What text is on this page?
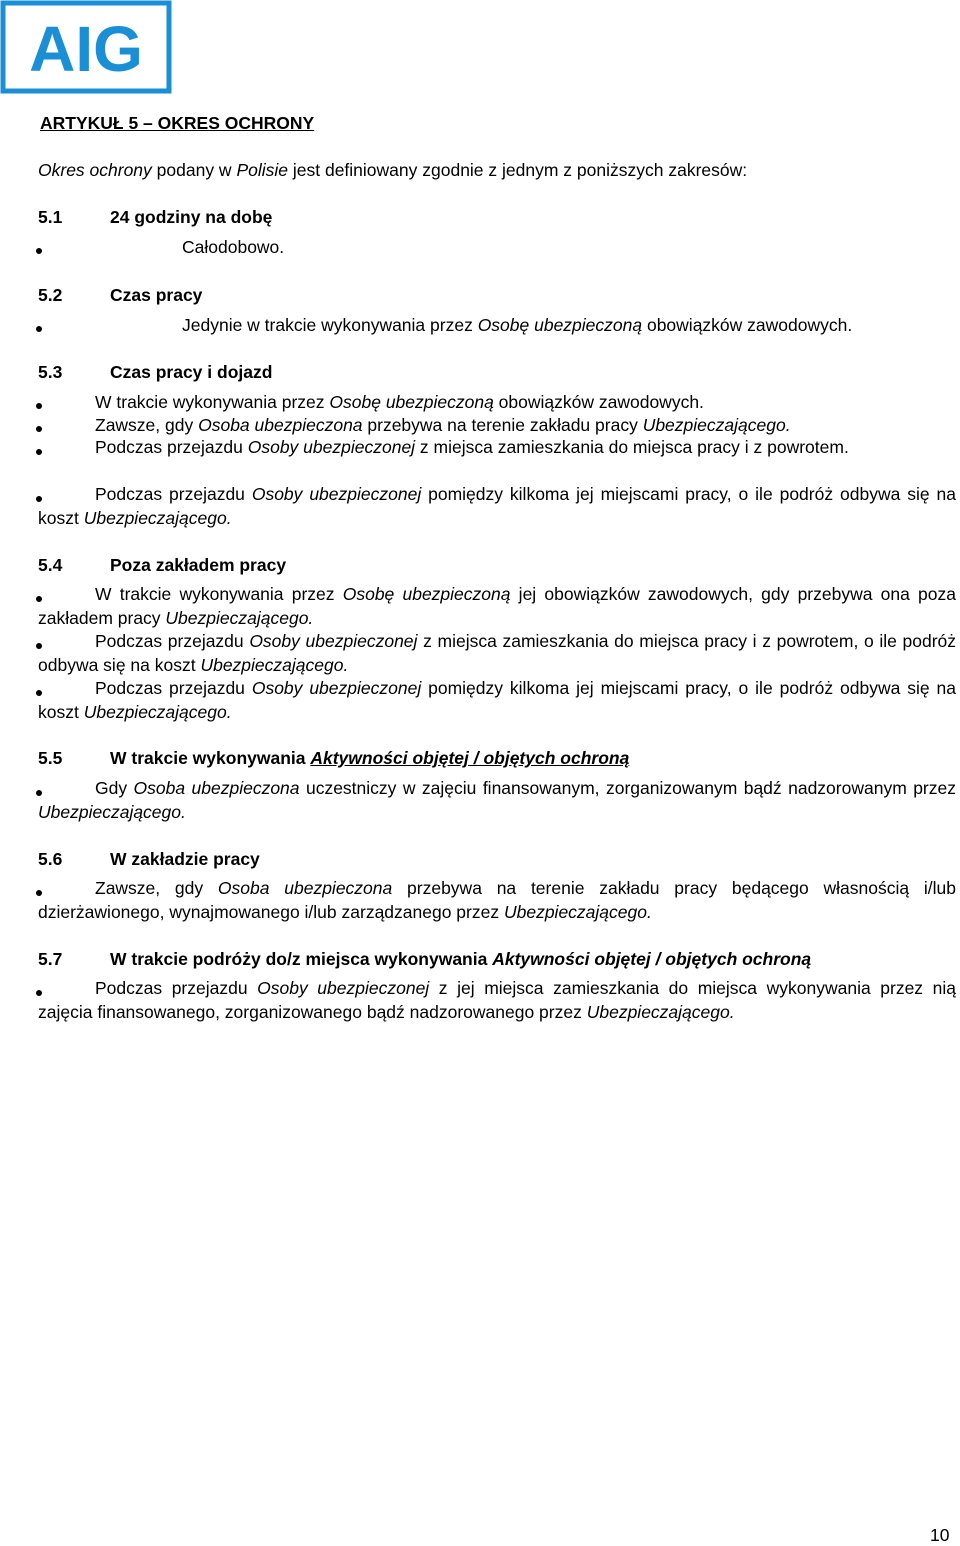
AIG
ARTYKUŁ 5 – OKRES OCHRONY
Okres ochrony podany w Polisie jest definiowany zgodnie z jednym z poniższych zakresów:
5.1	24 godziny na dobę
Całodobowo.
5.2	Czas pracy
Jedynie w trakcie wykonywania przez Osobę ubezpieczoną obowiązków zawodowych.
5.3	Czas pracy i dojazd
W trakcie wykonywania przez Osobę ubezpieczoną obowiązków zawodowych.
Zawsze, gdy Osoba ubezpieczona przebywa na terenie zakładu pracy Ubezpieczającego.
Podczas przejazdu Osoby ubezpieczonej z miejsca zamieszkania do miejsca pracy i z powrotem.
Podczas przejazdu Osoby ubezpieczonej pomiędzy kilkoma jej miejscami pracy, o ile podróż odbywa się na koszt Ubezpieczającego.
5.4	Poza zakładem pracy
W trakcie wykonywania przez Osobę ubezpieczoną jej obowiązków zawodowych, gdy przebywa ona poza zakładem pracy Ubezpieczającego.
Podczas przejazdu Osoby ubezpieczonej z miejsca zamieszkania do miejsca pracy i z powrotem, o ile podróż odbywa się na koszt Ubezpieczającego.
Podczas przejazdu Osoby ubezpieczonej pomiędzy kilkoma jej miejscami pracy, o ile podróż odbywa się na koszt Ubezpieczającego.
5.5	W trakcie wykonywania Aktywności objętej / objętych ochroną
Gdy Osoba ubezpieczona uczestniczy w zajęciu finansowanym, zorganizowanym bądź nadzorowanym przez Ubezpieczającego.
5.6	W zakładzie pracy
Zawsze, gdy Osoba ubezpieczona przebywa na terenie zakładu pracy będącego własnością i/lub dzierżawionego, wynajmowanego i/lub zarządzanego przez Ubezpieczającego.
5.7	W trakcie podróży do/z miejsca wykonywania Aktywności objętej / objętych ochroną
Podczas przejazdu Osoby ubezpieczonej z jej miejsca zamieszkania do miejsca wykonywania przez nią zajęcia finansowanego, zorganizowanego bądź nadzorowanego przez Ubezpieczającego.
10
